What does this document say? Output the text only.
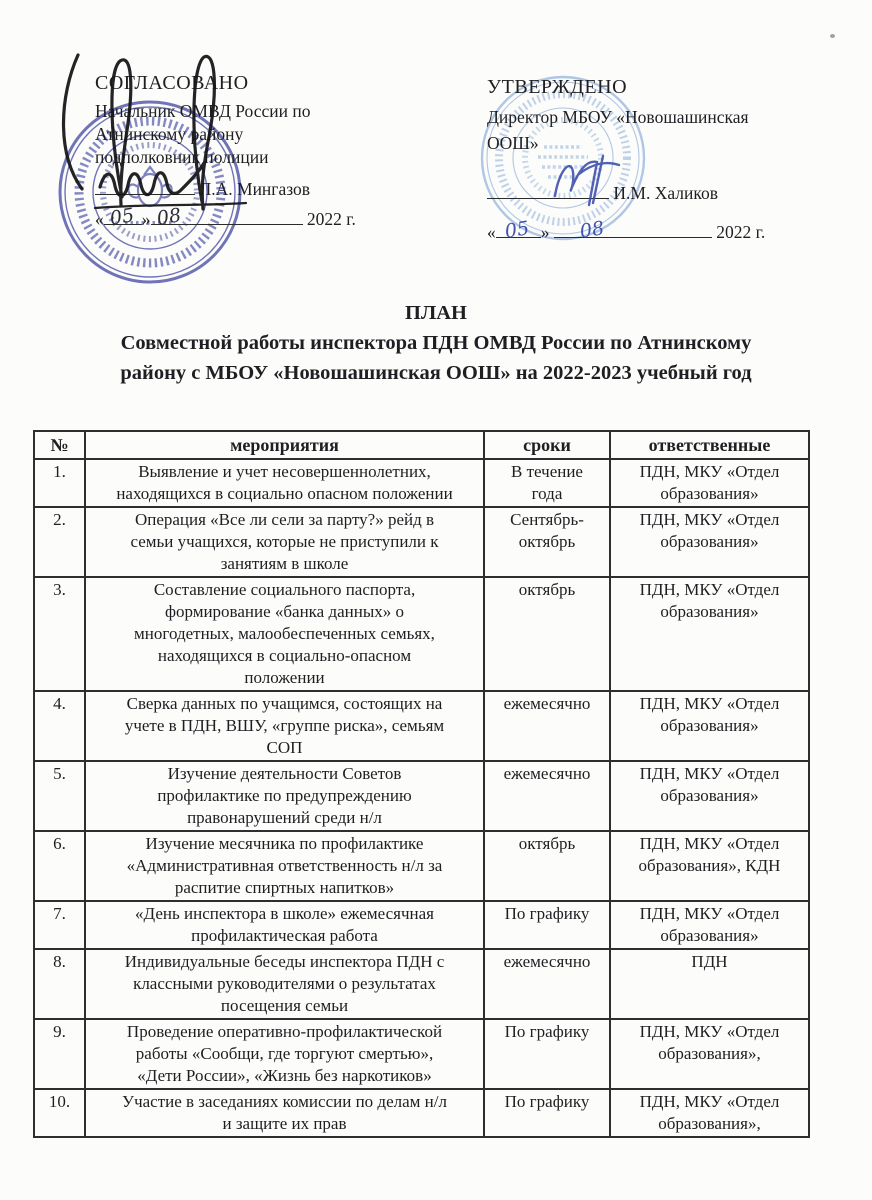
СОГЛАСОВАНО
Начальник ОМВД России по
Атнинскому району
подполковник полиции
Л.А. Мингазов
« 05 » 08	2022 г.
УТВЕРЖДЕНО
Директор МБОУ «Новошашинская
ООШ»
И.М. Халиков
« 05 » 08	2022 г.
ПЛАН
Совместной работы инспектора ПДН ОМВД России по Атнинскому
району с МБОУ «Новошашинская ООШ» на 2022-2023 учебный год
№	мероприятия	сроки	ответственные
1.	Выявление и учет несовершеннолетних, находящихся в социально опасном положении	В течение года	ПДН, МКУ «Отдел образования»
2.	Операция «Все ли сели за парту?» рейд в семьи учащихся, которые не приступили к занятиям в школе	Сентябрь-октябрь	ПДН, МКУ «Отдел образования»
3.	Составление социального паспорта, формирование «банка данных» о многодетных, малообеспеченных семьях, находящихся в социально-опасном положении	октябрь	ПДН, МКУ «Отдел образования»
4.	Сверка данных по учащимся, состоящих на учете в ПДН, ВШУ, «группе риска», семьям СОП	ежемесячно	ПДН, МКУ «Отдел образования»
5.	Изучение деятельности Советов профилактике по предупреждению правонарушений среди н/л	ежемесячно	ПДН, МКУ «Отдел образования»
6.	Изучение месячника по профилактике «Административная ответственность н/л за распитие спиртных напитков»	октябрь	ПДН, МКУ «Отдел образования», КДН
7.	«День инспектора в школе» ежемесячная профилактическая работа	По графику	ПДН, МКУ «Отдел образования»
8.	Индивидуальные беседы инспектора ПДН с классными руководителями о результатах посещения семьи	ежемесячно	ПДН
9.	Проведение оперативно-профилактической работы «Сообщи, где торгуют смертью», «Дети России», «Жизнь без наркотиков»	По графику	ПДН, МКУ «Отдел образования»,
10.	Участие в заседаниях комиссии по делам н/л и защите их прав	По графику	ПДН, МКУ «Отдел образования»,
